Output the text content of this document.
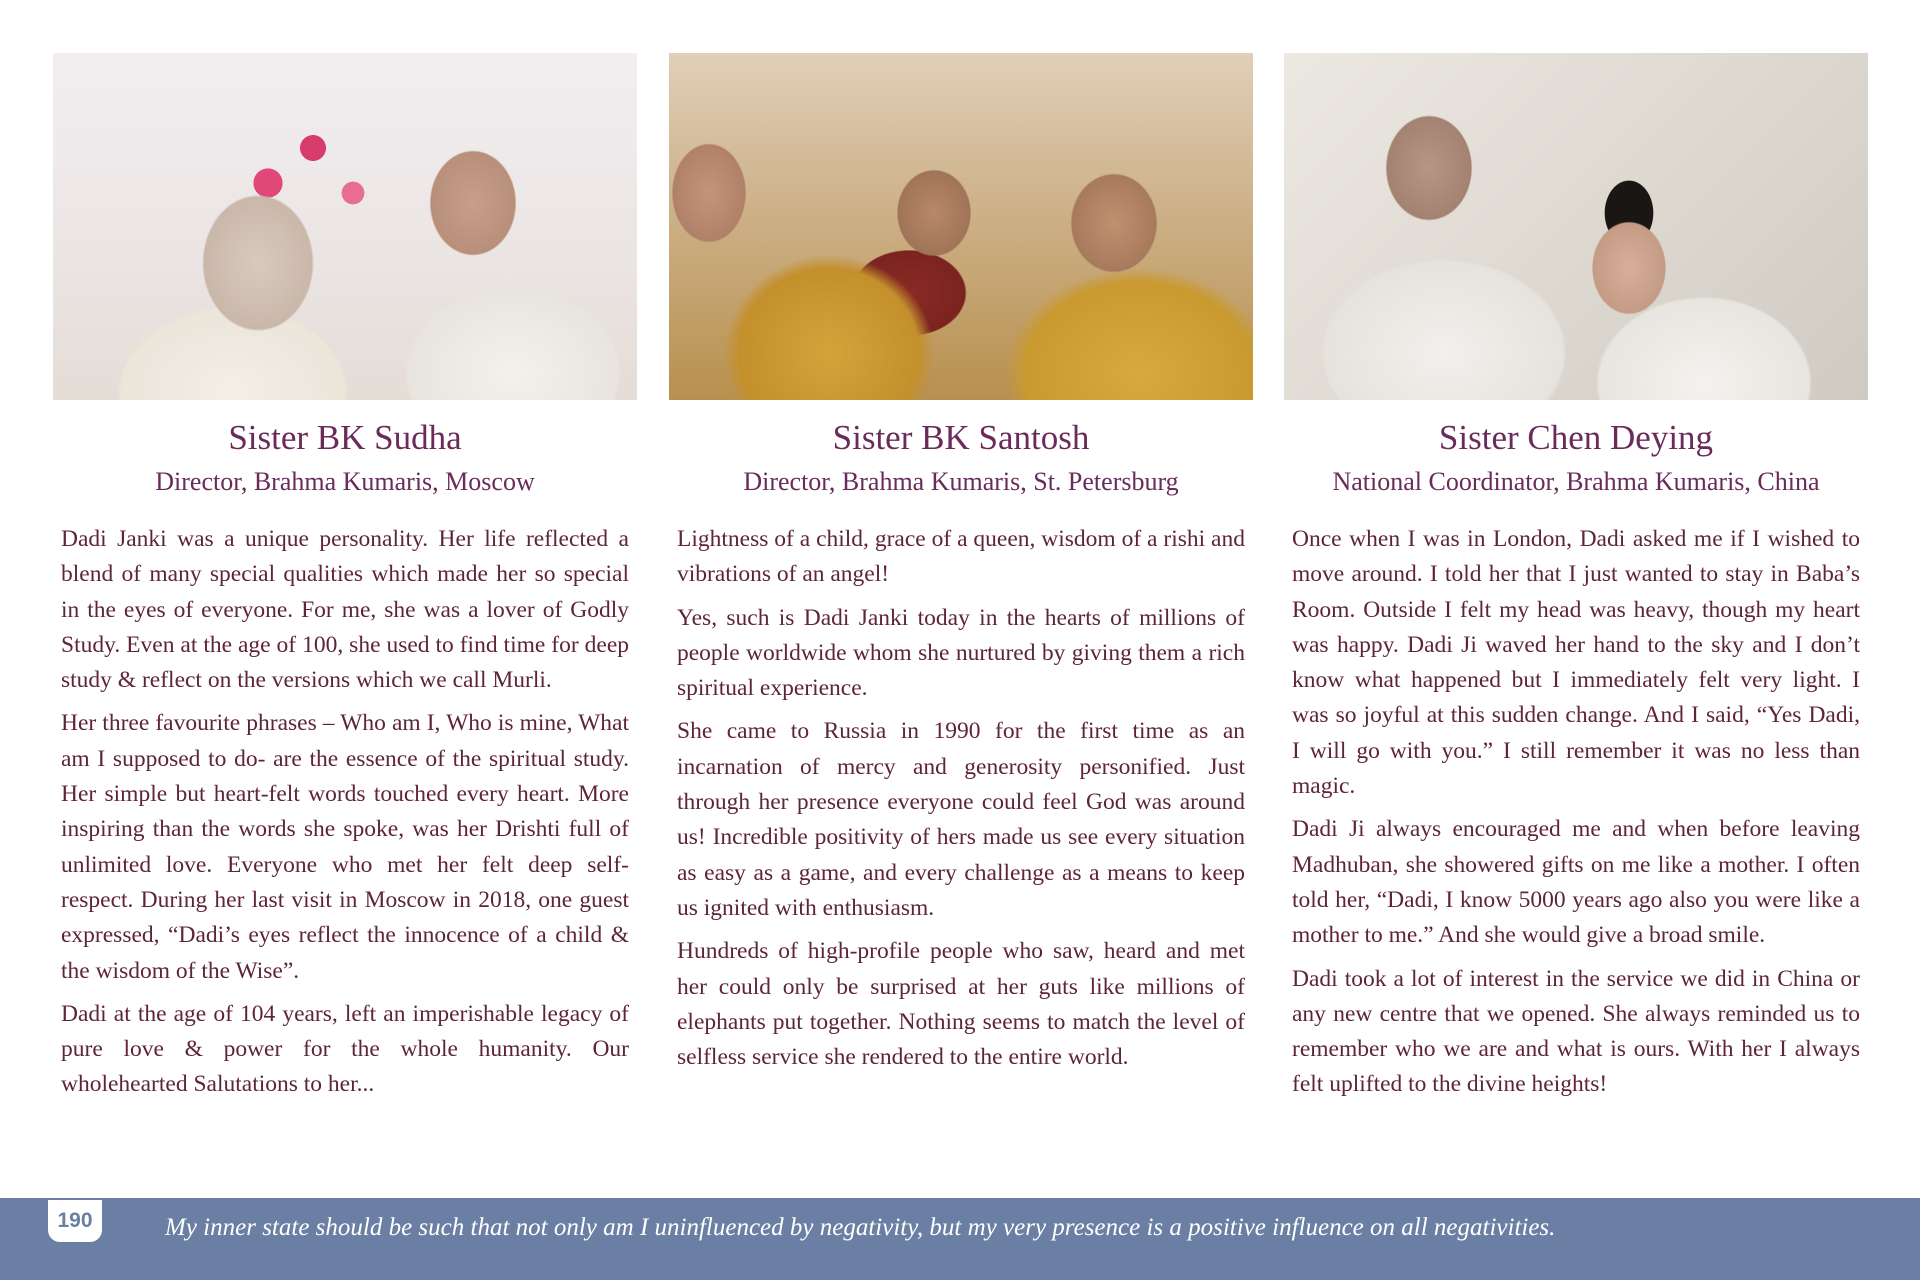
Sister BK Sudha
Director, Brahma Kumaris, Moscow

Dadi Janki was a unique personality. Her life reflected a blend of many special qualities which made her so special in the eyes of everyone. For me, she was a lover of Godly Study. Even at the age of 100, she used to find time for deep study & reflect on the versions which we call Murli.

Her three favourite phrases – Who am I, Who is mine, What am I supposed to do- are the essence of the spiritual study. Her simple but heart-felt words touched every heart. More inspiring than the words she spoke, was her Drishti full of unlimited love. Everyone who met her felt deep self-respect. During her last visit in Moscow in 2018, one guest expressed, “Dadi’s eyes reflect the innocence of a child & the wisdom of the Wise”.

Dadi at the age of 104 years, left an imperishable legacy of pure love & power for the whole humanity. Our wholehearted Salutations to her...

Sister BK Santosh
Director, Brahma Kumaris, St. Petersburg

Lightness of a child, grace of a queen, wisdom of a rishi and vibrations of an angel!

Yes, such is Dadi Janki today in the hearts of millions of people worldwide whom she nurtured by giving them a rich spiritual experience.

She came to Russia in 1990 for the first time as an incarnation of mercy and generosity personified. Just through her presence everyone could feel God was around us! Incredible positivity of hers made us see every situation as easy as a game, and every challenge as a means to keep us ignited with enthusiasm.

Hundreds of high-profile people who saw, heard and met her could only be surprised at her guts like millions of elephants put together. Nothing seems to match the level of selfless service she rendered to the entire world.

Sister Chen Deying
National Coordinator, Brahma Kumaris, China

Once when I was in London, Dadi asked me if I wished to move around. I told her that I just wanted to stay in Baba’s Room. Outside I felt my head was heavy, though my heart was happy. Dadi Ji waved her hand to the sky and I don’t know what happened but I immediately felt very light. I was so joyful at this sudden change. And I said, “Yes Dadi, I will go with you.” I still remember it was no less than magic.

Dadi Ji always encouraged me and when before leaving Madhuban, she showered gifts on me like a mother. I often told her, “Dadi, I know 5000 years ago also you were like a mother to me.” And she would give a broad smile.

Dadi took a lot of interest in the service we did in China or any new centre that we opened. She always reminded us to remember who we are and what is ours. With her I always felt uplifted to the divine heights!

190	My inner state should be such that not only am I uninfluenced by negativity, but my very presence is a positive influence on all negativities.
